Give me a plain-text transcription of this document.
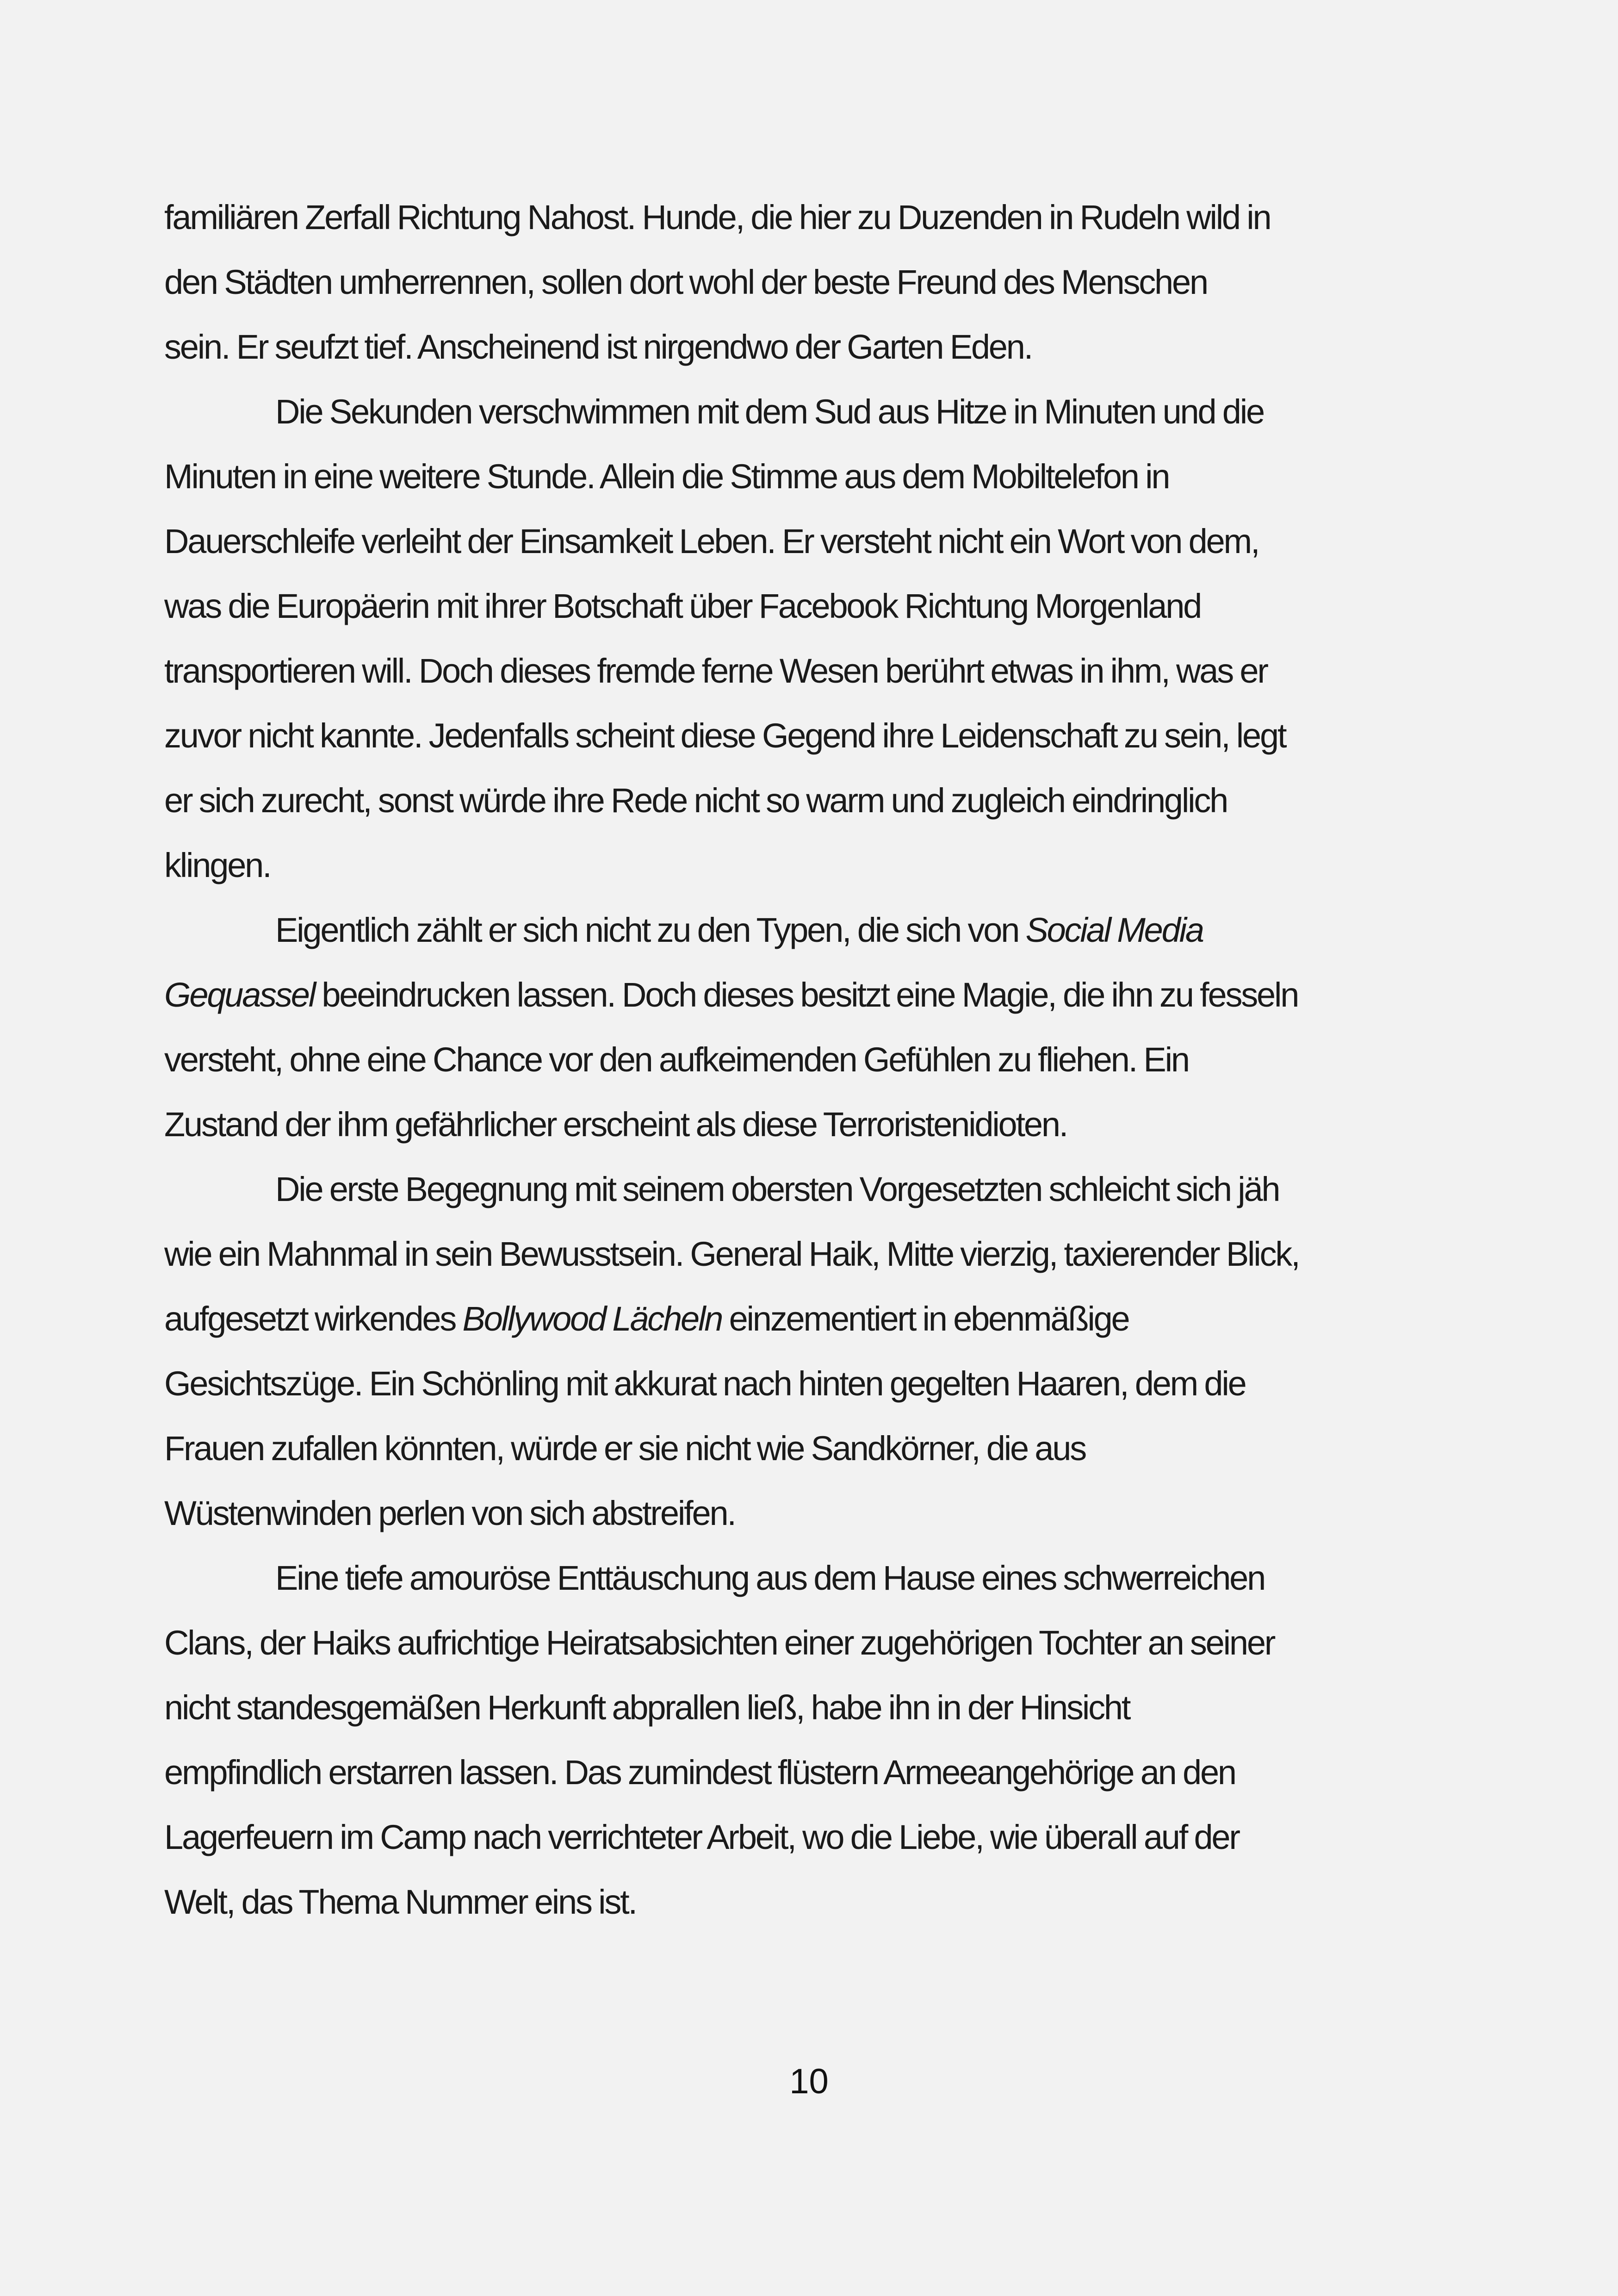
familiären Zerfall Richtung Nahost. Hunde, die hier zu Duzenden in Rudeln wild in
den Städten umherrennen, sollen dort wohl der beste Freund des Menschen
sein. Er seufzt tief. Anscheinend ist nirgendwo der Garten Eden.

Die Sekunden verschwimmen mit dem Sud aus Hitze in Minuten und die
Minuten in eine weitere Stunde. Allein die Stimme aus dem Mobiltelefon in
Dauerschleife verleiht der Einsamkeit Leben. Er versteht nicht ein Wort von dem,
was die Europäerin mit ihrer Botschaft über Facebook Richtung Morgenland
transportieren will. Doch dieses fremde ferne Wesen berührt etwas in ihm, was er
zuvor nicht kannte. Jedenfalls scheint diese Gegend ihre Leidenschaft zu sein, legt
er sich zurecht, sonst würde ihre Rede nicht so warm und zugleich eindringlich
klingen.

Eigentlich zählt er sich nicht zu den Typen, die sich von Social Media
Gequassel beeindrucken lassen. Doch dieses besitzt eine Magie, die ihn zu fesseln
versteht, ohne eine Chance vor den aufkeimenden Gefühlen zu fliehen. Ein
Zustand der ihm gefährlicher erscheint als diese Terroristenidioten.

Die erste Begegnung mit seinem obersten Vorgesetzten schleicht sich jäh
wie ein Mahnmal in sein Bewusstsein. General Haik, Mitte vierzig, taxierender Blick,
aufgesetzt wirkendes Bollywood Lächeln einzementiert in ebenmäßige
Gesichtszüge. Ein Schönling mit akkurat nach hinten gegelten Haaren, dem die
Frauen zufallen könnten, würde er sie nicht wie Sandkörner, die aus
Wüstenwinden perlen von sich abstreifen.

Eine tiefe amouröse Enttäuschung aus dem Hause eines schwerreichen
Clans, der Haiks aufrichtige Heiratsabsichten einer zugehörigen Tochter an seiner
nicht standesgemäßen Herkunft abprallen ließ, habe ihn in der Hinsicht
empfindlich erstarren lassen. Das zumindest flüstern Armeeangehörige an den
Lagerfeuern im Camp nach verrichteter Arbeit, wo die Liebe, wie überall auf der
Welt, das Thema Nummer eins ist.

10
